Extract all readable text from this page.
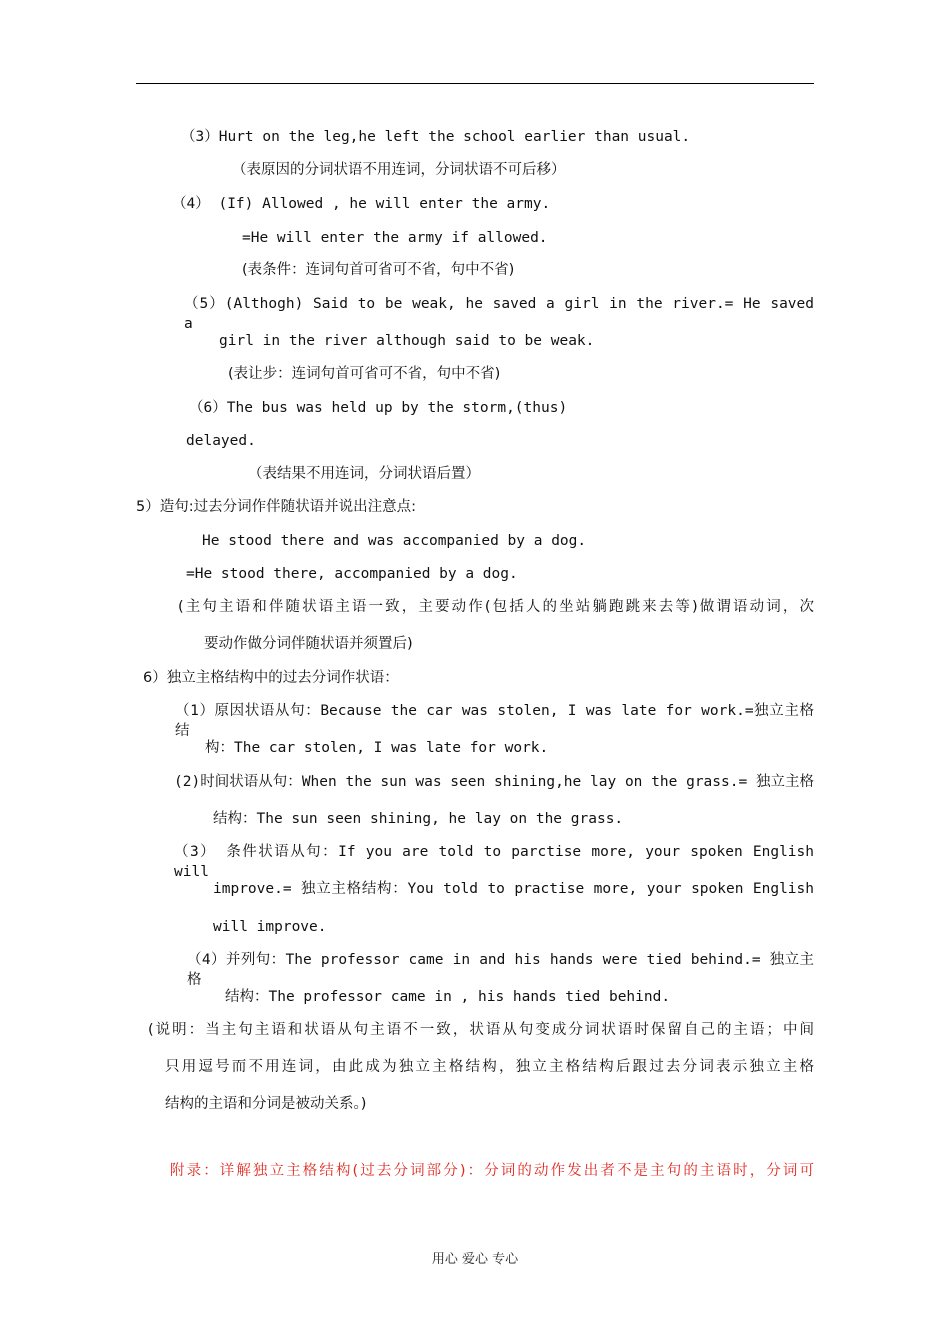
（3）Hurt on the leg,he left the school earlier than usual.
（表原因的分词状语不用连词，分词状语不可后移）
（4） (If) Allowed , he will enter the army.
=He will enter the army if allowed.
(表条件：连词句首可省可不省，句中不省)
（5）(Althogh) Said to be weak, he saved a girl in the river.= He saved a
girl in the river although said to be weak.
(表让步：连词句首可省可不省，句中不省)
（6）The bus was held up by the storm,(thus)
delayed.
（表结果不用连词，分词状语后置）
5）造句:过去分词作伴随状语并说出注意点:
He stood there and was accompanied by a dog.
=He stood there, accompanied by a dog.
(主句主语和伴随状语主语一致，主要动作(包括人的坐站躺跑跳来去等)做谓语动词，次
要动作做分词伴随状语并须置后)
6）独立主格结构中的过去分词作状语：
（1）原因状语从句：Because the car was stolen, I was late for work.=独立主格结
构：The car stolen, I was late for work.
(2)时间状语从句：When the sun was seen shining,he lay on the grass.= 独立主格
结构：The sun seen shining, he lay on the grass.
（3） 条件状语从句：If you are told to parctise more, your spoken English will
improve.= 独立主格结构：You told to practise more, your spoken English
will improve.
（4）并列句：The professor came in and his hands were tied behind.= 独立主格
结构：The professor came in , his hands tied behind.
(说明：当主句主语和状语从句主语不一致，状语从句变成分词状语时保留自己的主语；中间
只用逗号而不用连词，由此成为独立主格结构，独立主格结构后跟过去分词表示独立主格
结构的主语和分词是被动关系。)
附录：详解独立主格结构(过去分词部分)：分词的动作发出者不是主句的主语时，分词可
用心 爱心 专心
